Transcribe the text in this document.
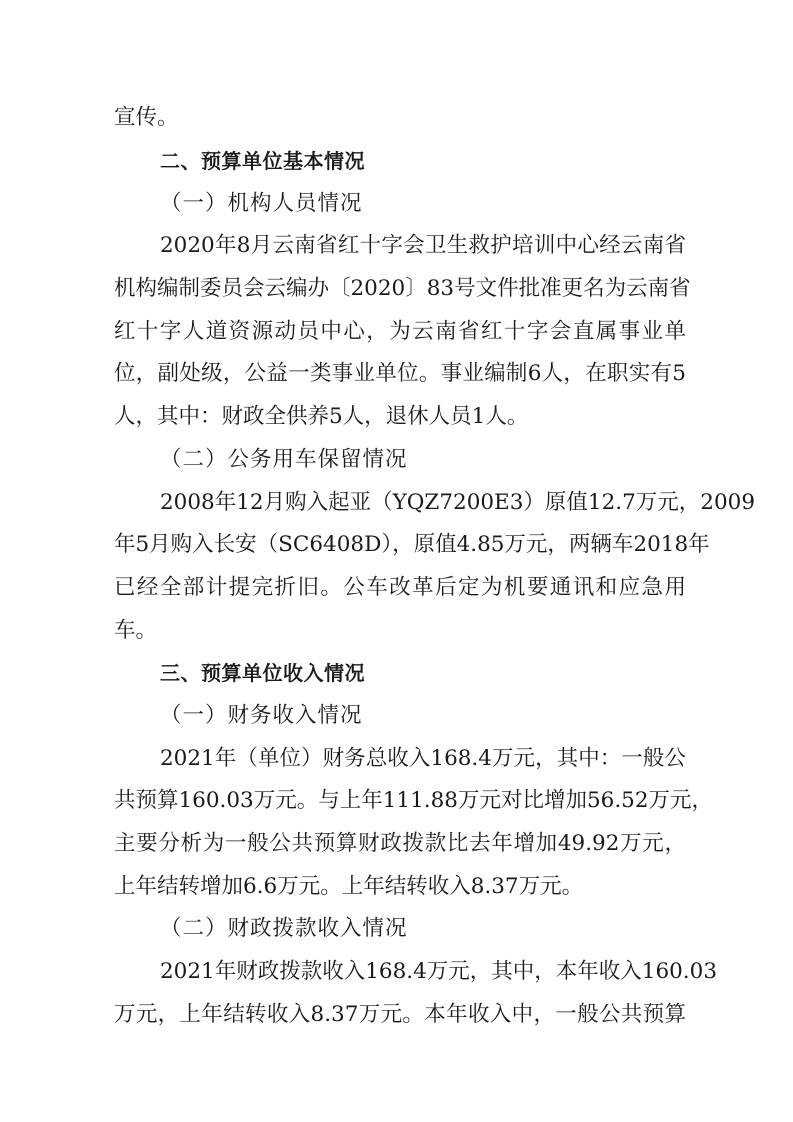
宣传。
二、预算单位基本情况
（一）机构人员情况
2020年8月云南省红十字会卫生救护培训中心经云南省
机构编制委员会云编办〔2020〕83号文件批准更名为云南省
红十字人道资源动员中心，为云南省红十字会直属事业单
位，副处级，公益一类事业单位。事业编制6人，在职实有5
人，其中：财政全供养5人，退休人员1人。
（二）公务用车保留情况
2008年12月购入起亚（YQZ7200E3）原值12.7万元，2009
年5月购入长安（SC6408D），原值4.85万元，两辆车2018年
已经全部计提完折旧。公车改革后定为机要通讯和应急用
车。
三、预算单位收入情况
（一）财务收入情况
2021年（单位）财务总收入168.4万元，其中：一般公
共预算160.03万元。与上年111.88万元对比增加56.52万元，
主要分析为一般公共预算财政拨款比去年增加49.92万元，
上年结转增加6.6万元。上年结转收入8.37万元。
（二）财政拨款收入情况
2021年财政拨款收入168.4万元，其中，本年收入160.03
万元，上年结转收入8.37万元。本年收入中，一般公共预算
